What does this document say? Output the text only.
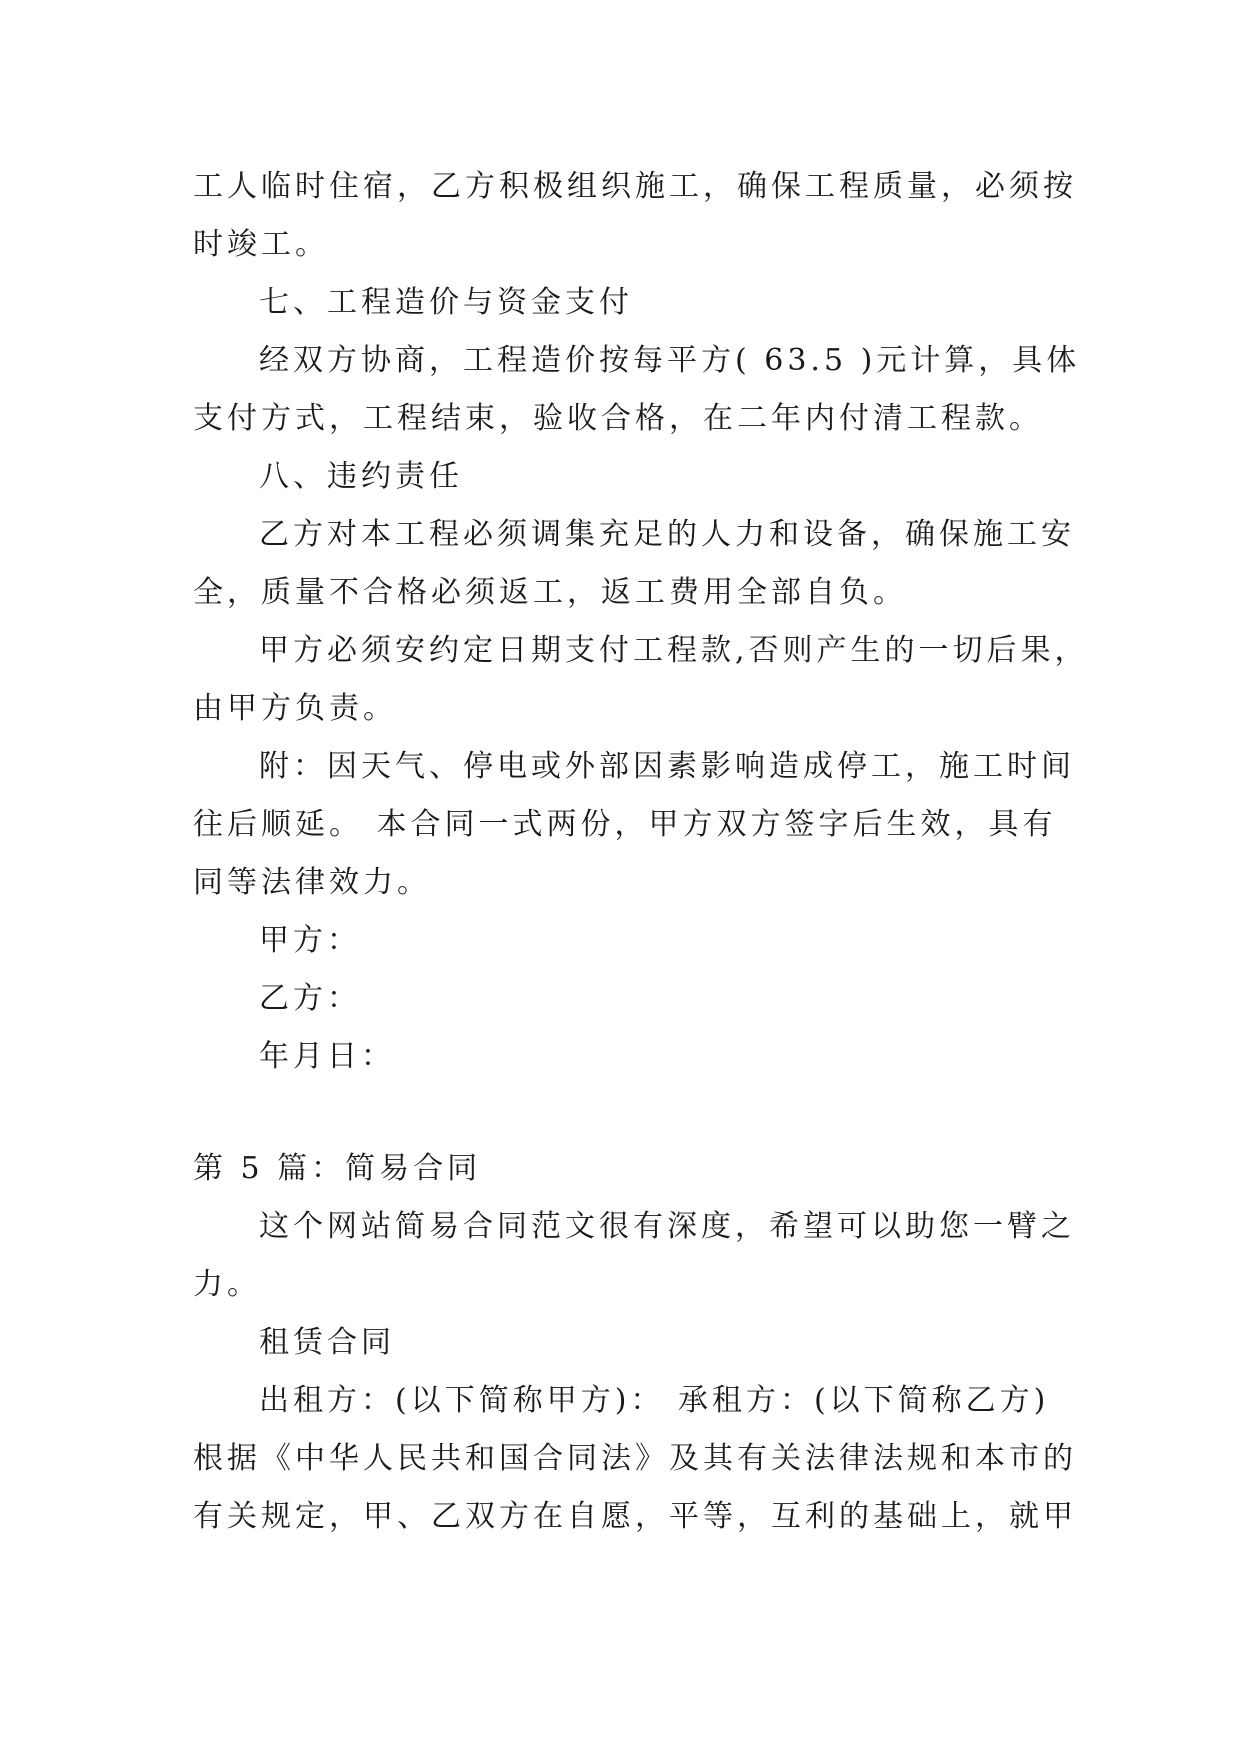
工人临时住宿，乙方积极组织施工，确保工程质量，必须按

时竣工。

七、工程造价与资金支付

经双方协商，工程造价按每平方( 63.5 )元计算，具体

支付方式，工程结束，验收合格，在二年内付清工程款。

八、违约责任

乙方对本工程必须调集充足的人力和设备，确保施工安

全，质量不合格必须返工，返工费用全部自负。

甲方必须安约定日期支付工程款,否则产生的一切后果，

由甲方负责。

附：因天气、停电或外部因素影响造成停工，施工时间

往后顺延。 本合同一式两份，甲方双方签字后生效，具有

同等法律效力。

甲方：

乙方：

年月日：

第 5 篇：简易合同

这个网站简易合同范文很有深度，希望可以助您一臂之

力。

租赁合同

出租方：(以下简称甲方)： 承租方：(以下简称乙方)

根据《中华人民共和国合同法》及其有关法律法规和本市的

有关规定，甲、乙双方在自愿，平等，互利的基础上，就甲
